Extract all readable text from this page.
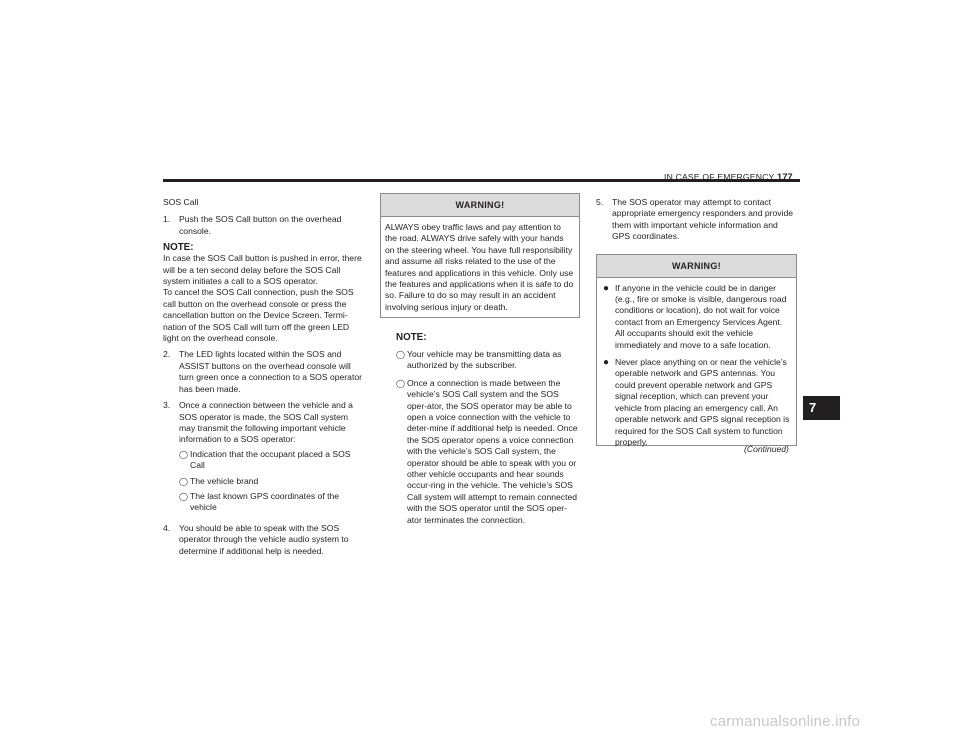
IN CASE OF EMERGENCY 177
SOS Call
1.	Push the SOS Call button on the overhead console.
NOTE:
In case the SOS Call button is pushed in error, there will be a ten second delay before the SOS Call system initiates a call to a SOS operator.
To cancel the SOS Call connection, push the SOS call button on the overhead console or press the cancellation button on the Device Screen. Termi-nation of the SOS Call will turn off the green LED light on the overhead console.
2.	The LED lights located within the SOS and ASSIST buttons on the overhead console will turn green once a connection to a SOS operator has been made.
3.	Once a connection between the vehicle and a SOS operator is made, the SOS Call system may transmit the following important vehicle information to a SOS operator:
◯ Indication that the occupant placed a SOS Call
◯ The vehicle brand
◯ The last known GPS coordinates of the vehicle
4.	You should be able to speak with the SOS operator through the vehicle audio system to determine if additional help is needed.
WARNING!
ALWAYS obey traffic laws and pay attention to the road. ALWAYS drive safely with your hands on the steering wheel. You have full responsibility and assume all risks related to the use of the features and applications in this vehicle. Only use the features and applications when it is safe to do so. Failure to do so may result in an accident involving serious injury or death.
NOTE:
◯ Your vehicle may be transmitting data as authorized by the subscriber.
◯ Once a connection is made between the vehicle’s SOS Call system and the SOS oper-ator, the SOS operator may be able to open a voice connection with the vehicle to deter-mine if additional help is needed. Once the SOS operator opens a voice connection with the vehicle’s SOS Call system, the operator should be able to speak with you or other vehicle occupants and hear sounds occur-ring in the vehicle. The vehicle’s SOS Call system will attempt to remain connected with the SOS operator until the SOS oper-ator terminates the connection.
5.	The SOS operator may attempt to contact appropriate emergency responders and provide them with important vehicle information and GPS coordinates.
WARNING!
● If anyone in the vehicle could be in danger (e.g., fire or smoke is visible, dangerous road conditions or location), do not wait for voice contact from an Emergency Services Agent. All occupants should exit the vehicle immediately and move to a safe location.
● Never place anything on or near the vehicle’s operable network and GPS antennas. You could prevent operable network and GPS signal reception, which can prevent your vehicle from placing an emergency call. An operable network and GPS signal reception is required for the SOS Call system to function properly.
(Continued)
7
carmanualsonline.info
